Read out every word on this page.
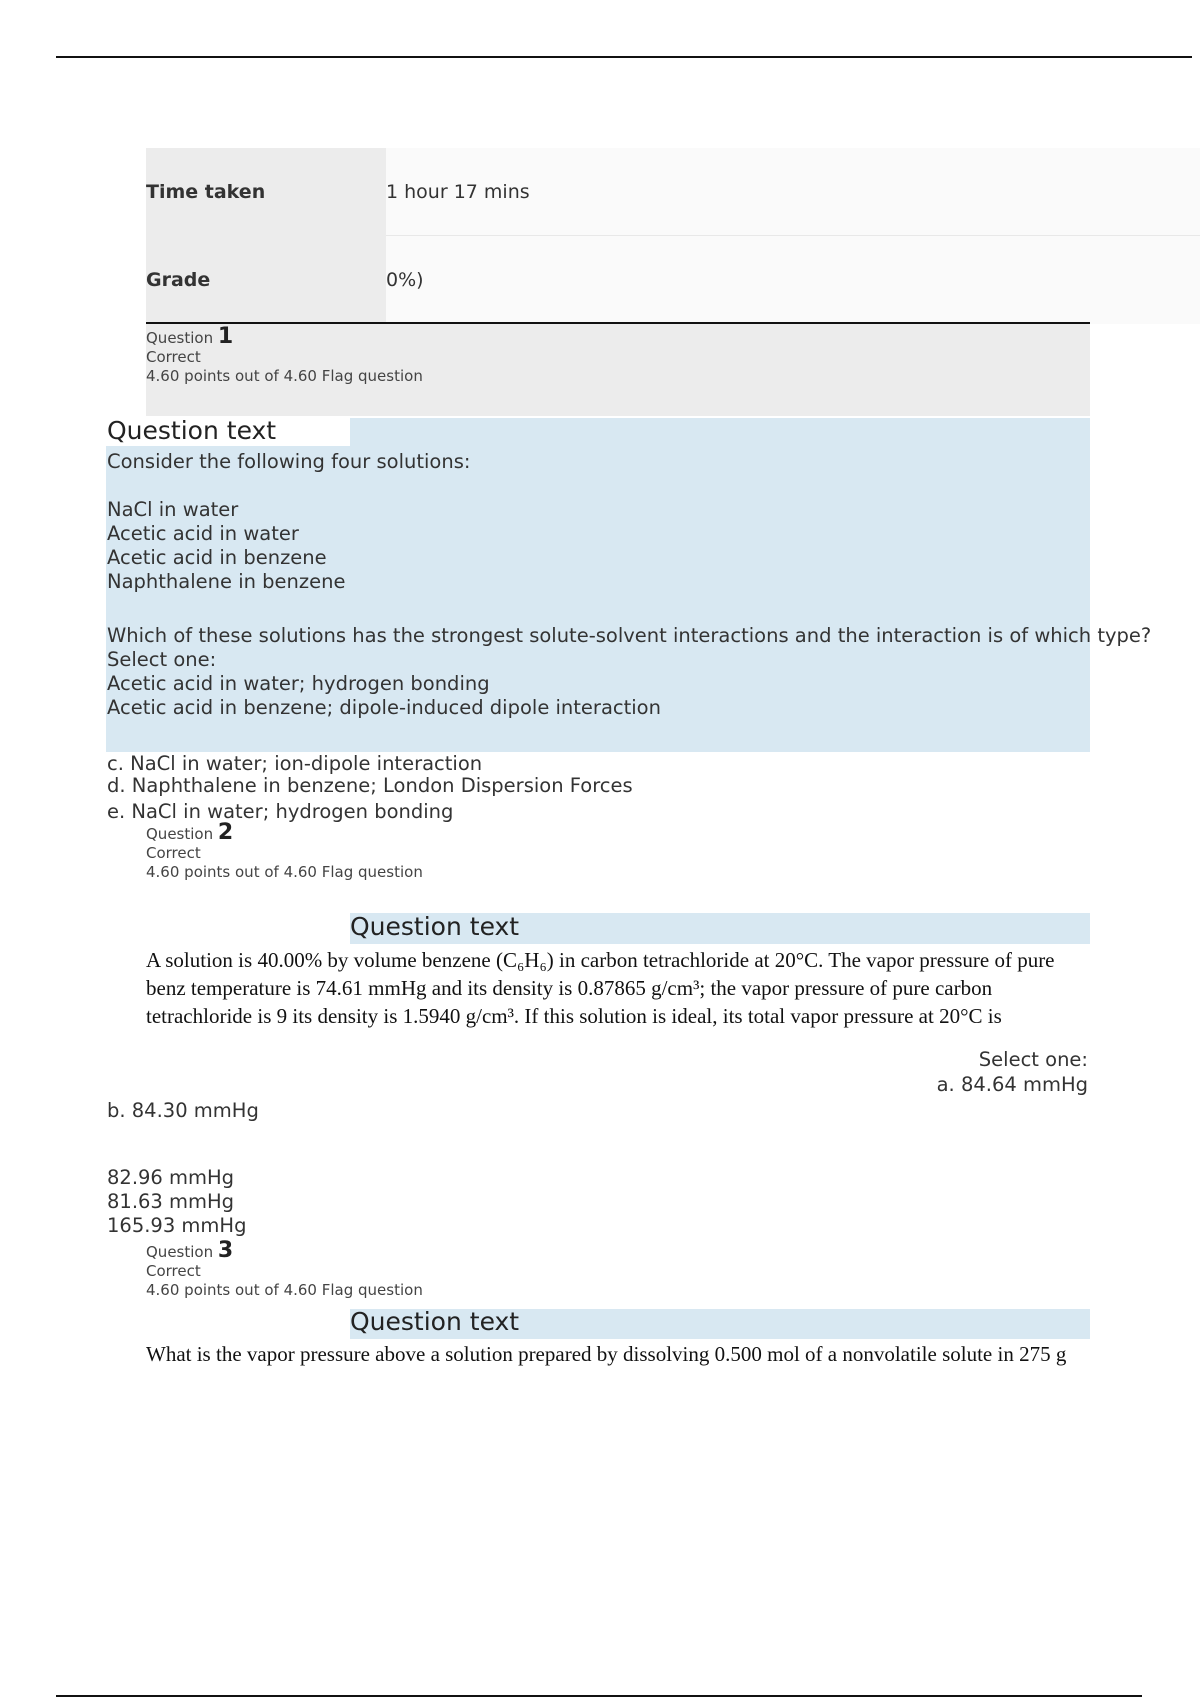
Time taken	1 hour 17 mins
Grade	0%)
Question 1
Correct
4.60 points out of 4.60 Flag question
Question text
Consider the following four solutions:
NaCl in water
Acetic acid in water
Acetic acid in benzene
Naphthalene in benzene
Which of these solutions has the strongest solute-solvent interactions and the interaction is of which type?
Select one:
Acetic acid in water; hydrogen bonding
Acetic acid in benzene; dipole-induced dipole interaction
c. NaCl in water; ion-dipole interaction
d. Naphthalene in benzene; London Dispersion Forces
e. NaCl in water; hydrogen bonding
Question 2
Correct
4.60 points out of 4.60 Flag question
Question text
A solution is 40.00% by volume benzene (C₆H₆) in carbon tetrachloride at 20°C. The vapor pressure of pure
benz temperature is 74.61 mmHg and its density is 0.87865 g/cm³; the vapor pressure of pure carbon
tetrachloride is 9 its density is 1.5940 g/cm³. If this solution is ideal, its total vapor pressure at 20°C is
Select one:
a. 84.64 mmHg
b. 84.30 mmHg
82.96 mmHg
81.63 mmHg
165.93 mmHg
Question 3
Correct
4.60 points out of 4.60 Flag question
Question text
What is the vapor pressure above a solution prepared by dissolving 0.500 mol of a nonvolatile solute in 275 g
